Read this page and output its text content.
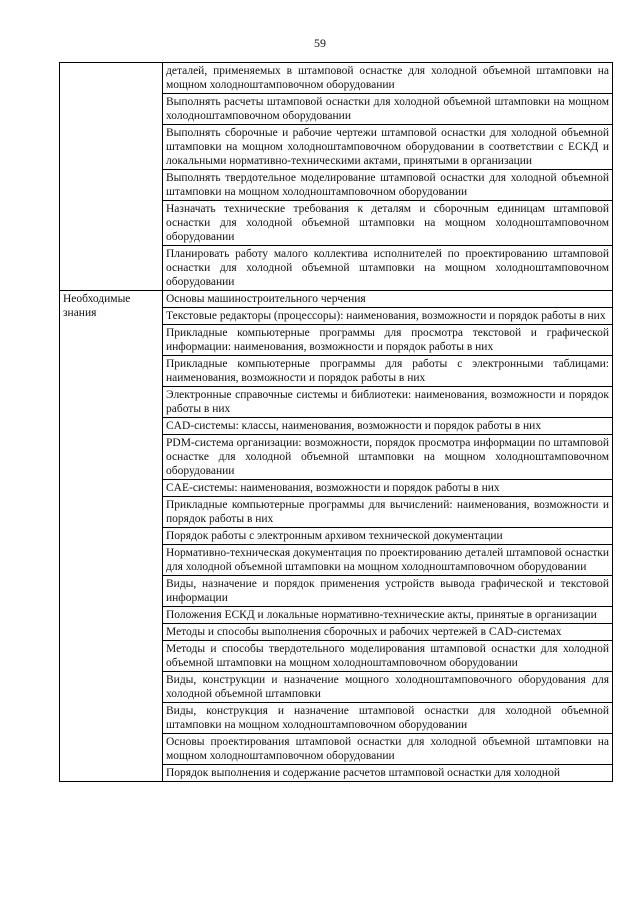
59
	деталей, применяемых в штамповой оснастке для холодной объемной штамповки на мощном холодноштамповочном оборудовании
	Выполнять расчеты штамповой оснастки для холодной объемной штамповки на мощном холодноштамповочном оборудовании
	Выполнять сборочные и рабочие чертежи штамповой оснастки для холодной объемной штамповки на мощном холодноштамповочном оборудовании в соответствии с ЕСКД и локальными нормативно-техническими актами, принятыми в организации
	Выполнять твердотельное моделирование штамповой оснастки для холодной объемной штамповки на мощном холодноштамповочном оборудовании
	Назначать технические требования к деталям и сборочным единицам штамповой оснастки для холодной объемной штамповки на мощном холодноштамповочном оборудовании
	Планировать работу малого коллектива исполнителей по проектированию штамповой оснастки для холодной объемной штамповки на мощном холодноштамповочном оборудовании
Необходимые знания	Основы машиностроительного черчения
	Текстовые редакторы (процессоры): наименования, возможности и порядок работы в них
	Прикладные компьютерные программы для просмотра текстовой и графической информации: наименования, возможности и порядок работы в них
	Прикладные компьютерные программы для работы с электронными таблицами: наименования, возможности и порядок работы в них
	Электронные справочные системы и библиотеки: наименования, возможности и порядок работы в них
	CAD-системы: классы, наименования, возможности и порядок работы в них
	PDM-система организации: возможности, порядок просмотра информации по штамповой оснастке для холодной объемной штамповки на мощном холодноштамповочном оборудовании
	CAE-системы: наименования, возможности и порядок работы в них
	Прикладные компьютерные программы для вычислений: наименования, возможности и порядок работы в них
	Порядок работы с электронным архивом технической документации
	Нормативно-техническая документация по проектированию деталей штамповой оснастки для холодной объемной штамповки на мощном холодноштамповочном оборудовании
	Виды, назначение и порядок применения устройств вывода графической и текстовой информации
	Положения ЕСКД и локальные нормативно-технические акты, принятые в организации
	Методы и способы выполнения сборочных и рабочих чертежей в CAD-системах
	Методы и способы твердотельного моделирования штамповой оснастки для холодной объемной штамповки на мощном холодноштамповочном оборудовании
	Виды, конструкции и назначение мощного холодноштамповочного оборудования для холодной объемной штамповки
	Виды, конструкция и назначение штамповой оснастки для холодной объемной штамповки на мощном холодноштамповочном оборудовании
	Основы проектирования штамповой оснастки для холодной объемной штамповки на мощном холодноштамповочном оборудовании
	Порядок выполнения и содержание расчетов штамповой оснастки для холодной
